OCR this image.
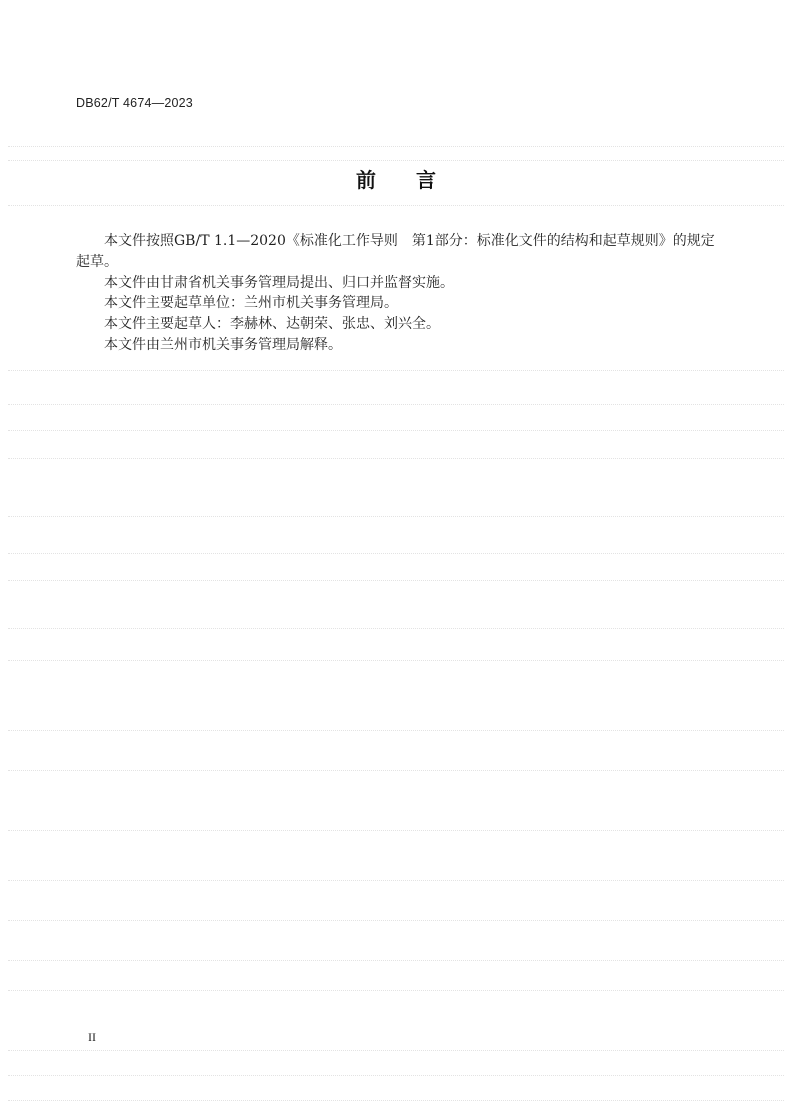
DB62/T 4674—2023
前　　言

本文件按照GB/T 1.1—2020《标准化工作导则　第1部分：标准化文件的结构和起草规则》的规定
起草。

本文件由甘肃省机关事务管理局提出、归口并监督实施。

本文件主要起草单位：兰州市机关事务管理局。

本文件主要起草人：李赫林、达朝荣、张忠、刘兴全。

本文件由兰州市机关事务管理局解释。

II
